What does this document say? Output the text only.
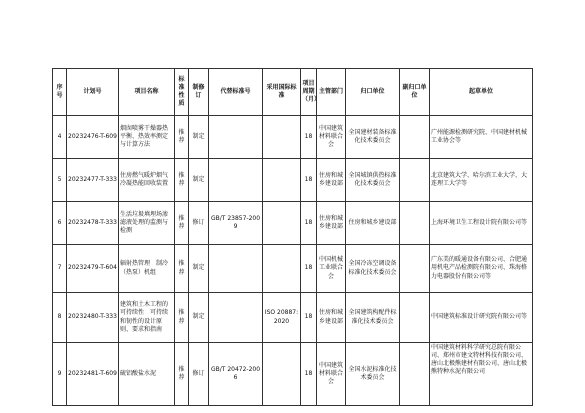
序号	计划号	项目名称	标准性质	制修订	代替标准号	采用国际标准	项目周期（月）	主管部门	归口单位	副归口单位	起草单位
4	20232476-T-609	烟囱喷雾干燥器热平衡、热效率测定与计算方法	推荐	制定			18	中国建筑材料联合会	全国建材装备标准化技术委员会		广州能源检测研究院、中国建材机械工业协会等
5	20232477-T-333	住房燃气暖炉烟气冷凝热能回收装置	推荐	制定			18	住房和城乡建设部	全国城镇供热标准化技术委员会		北京建筑大学、哈尔滨工业大学、大连理工大学等
6	20232478-T-333	生活垃圾填埋场渗滤液处理的监测与检测	推荐	修订	GB/T 23857-2009		18	住房和城乡建设部	住房和城乡建设部		上海环境卫生工程设计院有限公司等
7	20232479-T-604	辐射热管理　制冷（热泵）机组	推荐	制定			18	中国机械工业联合会	全国冷冻空调设备标准化技术委员会		广东美的暖通设备有限公司、合肥通用机电产品检测院有限公司、珠海格力电器股份有限公司等
8	20232480-T-333	建筑和土木工程的可持续性　可持续和韧性的设计原则、要求和指南	推荐	制定		ISO 20887:2020	18	住房和城乡建设部	全国建筑构配件标准化技术委员会		中国建筑标准设计研究院有限公司等
9	20232481-T-609	硫铝酸盐水泥	推荐	修订	GB/T 20472-2006		18	中国建筑材料联合会	全国水泥标准化技术委员会		中国建筑材料科学研究总院有限公司、郑州市建文特材科技有限公司、唐山北极熊建材有限公司、唐山北极熊特种水泥有限公司
